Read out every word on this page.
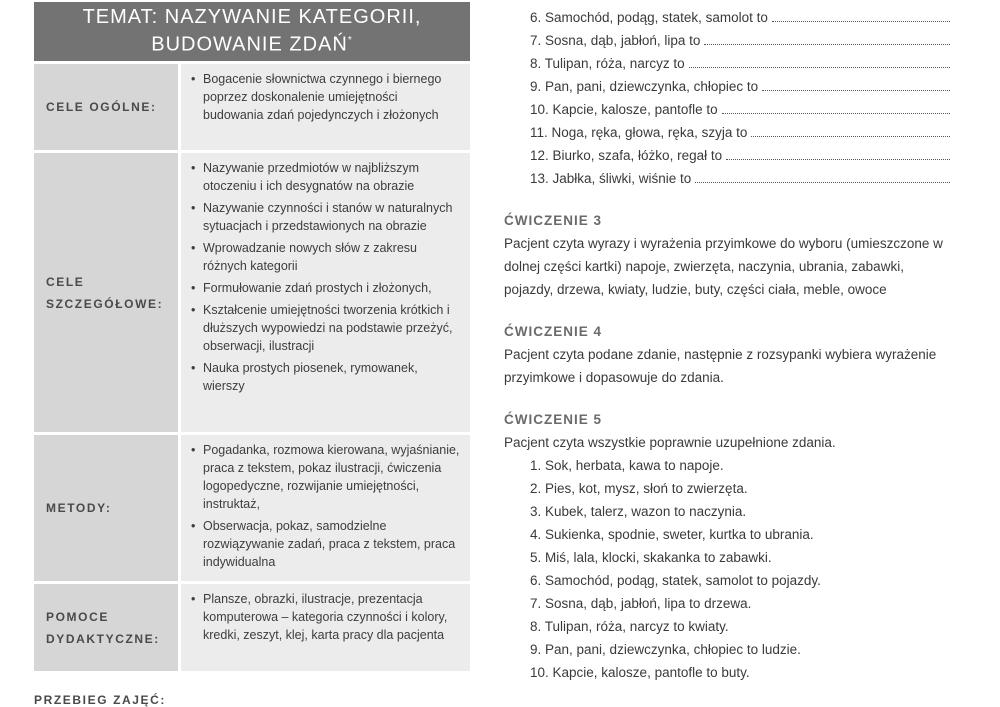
TEMAT: NAZYWANIE KATEGORII,
BUDOWANIE ZDAŃ*
CELE OGÓLNE:
• Bogacenie słownictwa czynnego i biernego poprzez doskonalenie umiejętności budowania zdań pojedynczych i złożonych
CELE SZCZEGÓŁOWE:
• Nazywanie przedmiotów w najbliższym otoczeniu i ich desygnatów na obrazie
• Nazywanie czynności i stanów w naturalnych sytuacjach i przedstawionych na obrazie
• Wprowadzanie nowych słów z zakresu różnych kategorii
• Formułowanie zdań prostych i złożonych,
• Kształcenie umiejętności tworzenia krótkich i dłuższych wypowiedzi na podstawie przeżyć, obserwacji, ilustracji
• Nauka prostych piosenek, rymowanek, wierszy
METODY:
• Pogadanka, rozmowa kierowana, wyjaśnianie, praca z tekstem, pokaz ilustracji, ćwiczenia logopedyczne, rozwijanie umiejętności, instruktaż,
• Obserwacja, pokaz, samodzielne rozwiązywanie zadań, praca z tekstem, praca indywidualna
POMOCE DYDAKTYCZNE:
• Plansze, obrazki, ilustracje, prezentacja komputerowa – kategoria czynności i kolory, kredki, zeszyt, klej, karta pracy dla pacjenta
PRZEBIEG ZAJĘĆ:
6. Samochód, podąg, statek, samolot to
7. Sosna, dąb, jabłoń, lipa to
8. Tulipan, róża, narcyz to
9. Pan, pani, dziewczynka, chłopiec to
10. Kapcie, kalosze, pantofle to
11. Noga, ręka, głowa, ręka, szyja to
12. Biurko, szafa, łóżko, regał to
13. Jabłka, śliwki, wiśnie to
ĆWICZENIE 3
Pacjent czyta wyrazy i wyrażenia przyimkowe do wyboru (umieszczone w dolnej części kartki) napoje, zwierzęta, naczynia, ubrania, zabawki, pojazdy, drzewa, kwiaty, ludzie, buty, części ciała, meble, owoce
ĆWICZENIE 4
Pacjent czyta podane zdanie, następnie z rozsypanki wybiera wyrażenie przyimkowe i dopasowuje do zdania.
ĆWICZENIE 5
Pacjent czyta wszystkie poprawnie uzupełnione zdania.
1. Sok, herbata, kawa to napoje.
2. Pies, kot, mysz, słoń to zwierzęta.
3. Kubek, talerz, wazon to naczynia.
4. Sukienka, spodnie, sweter, kurtka to ubrania.
5. Miś, lala, klocki, skakanka to zabawki.
6. Samochód, podąg, statek, samolot to pojazdy.
7. Sosna, dąb, jabłoń, lipa to drzewa.
8. Tulipan, róża, narcyz to kwiaty.
9. Pan, pani, dziewczynka, chłopiec to ludzie.
10. Kapcie, kalosze, pantofle to buty.
